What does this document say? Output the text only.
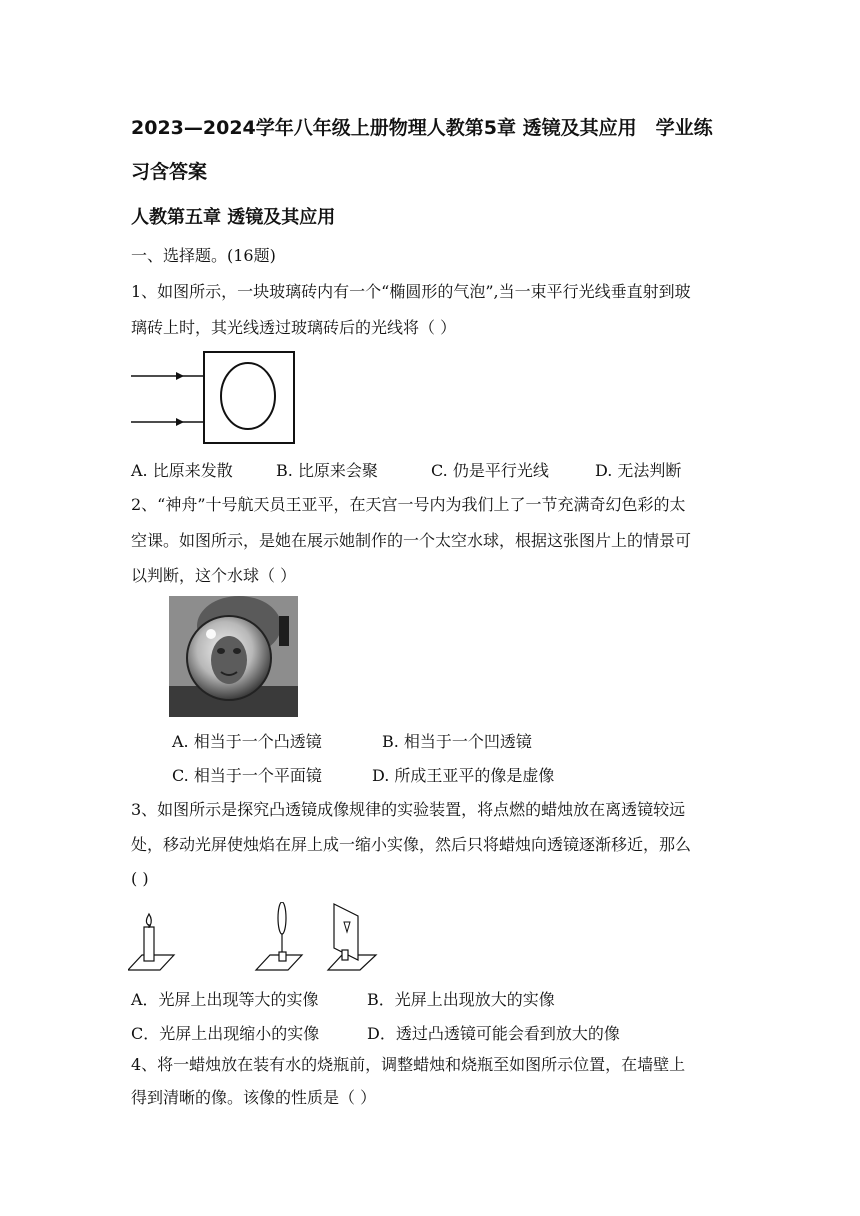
2023—2024学年八年级上册物理人教第5章 透镜及其应用　学业练
习含答案
人教第五章 透镜及其应用
一、选择题。(16题)
1、如图所示，一块玻璃砖内有一个“椭圆形的气泡”,当一束平行光线垂直射到玻
璃砖上时，其光线透过玻璃砖后的光线将（ ）
A. 比原来发散	B. 比原来会聚	C. 仍是平行光线	D. 无法判断
2、“神舟”十号航天员王亚平，在天宫一号内为我们上了一节充满奇幻色彩的太
空课。如图所示，是她在展示她制作的一个太空水球，根据这张图片上的情景可
以判断，这个水球（ ）
A. 相当于一个凸透镜	B. 相当于一个凹透镜
C. 相当于一个平面镜	D. 所成王亚平的像是虚像
3、如图所示是探究凸透镜成像规律的实验装置，将点燃的蜡烛放在离透镜较远
处，移动光屏使烛焰在屏上成一缩小实像，然后只将蜡烛向透镜逐渐移近，那么
( )
A．光屏上出现等大的实像	B．光屏上出现放大的实像
C．光屏上出现缩小的实像	D．透过凸透镜可能会看到放大的像
4、将一蜡烛放在装有水的烧瓶前，调整蜡烛和烧瓶至如图所示位置，在墙壁上
得到清晰的像。该像的性质是（ ）
